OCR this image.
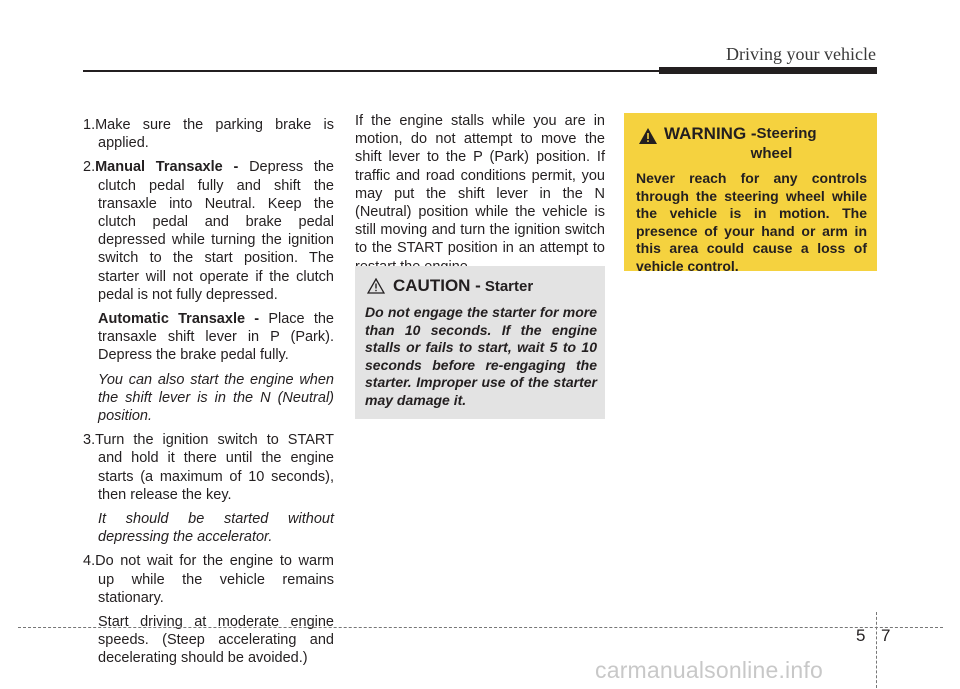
Driving your vehicle

1.Make sure the parking brake is applied.

2.Manual Transaxle - Depress the clutch pedal fully and shift the transaxle into Neutral. Keep the clutch pedal and brake pedal depressed while turning the ignition switch to the start position. The starter will not operate if the clutch pedal is not fully depressed.

Automatic Transaxle - Place the transaxle shift lever in P (Park). Depress the brake pedal fully.

You can also start the engine when the shift lever is in the N (Neutral) position.

3.Turn the ignition switch to START and hold it there until the engine starts (a maximum of 10 seconds), then release the key.

It should be started without depressing the accelerator.

4.Do not wait for the engine to warm up while the vehicle remains stationary.

Start driving at moderate engine speeds. (Steep accelerating and decelerating should be avoided.)

If the engine stalls while you are in motion, do not attempt to move the shift lever to the P (Park) position. If traffic and road conditions permit, you may put the shift lever in the N (Neutral) position while the vehicle is still moving and turn the ignition switch to the START position in an attempt to

CAUTION - Starter
Do not engage the starter for more than 10 seconds. If the engine stalls or fails to start, wait 5 to 10 seconds before re-engaging the starter. Improper use of the starter may damage it.
WARNING - Steering
wheel
Never reach for any controls through the steering wheel while the vehicle is in motion. The presence of your hand or arm in this area could cause a loss of vehicle control.
5 7
carmanualsonline.info
